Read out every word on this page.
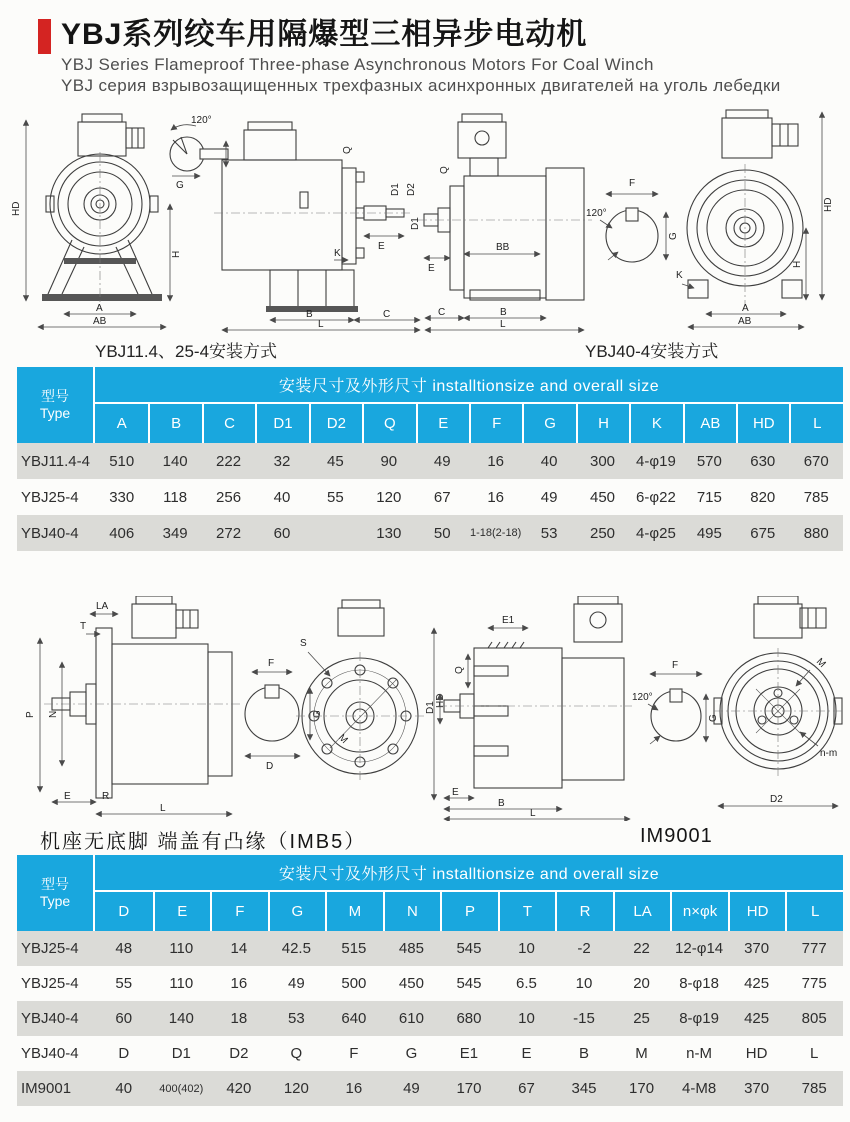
YBJ系列绞车用隔爆型三相异步电动机
YBJ Series Flameproof Three-phase Asynchronous Motors For Coal Winch
YBJ серия взрывозащищенных трехфазных асинхронных двигателей на уголь лебедки
HD
H
A
AB
120°
G
Q
D1 D2
E
K
B	C
L
Q
D1
E
BB
C	B
L
F
120°
G
HD
H
K
A
AB
YBJ11.4、25-4安装方式	YBJ40-4安装方式
型号
Type	安装尺寸及外形尺寸 installtionsize and overall size													
	A	B	C	D1	D2	Q	E	F	G	H	K	AB	HD	L
YBJ11.4-4	510	140	222	32	45	90	49	16	40	300	4-φ19	570	630	670
YBJ25-4	330	118	256	40	55	120	67	16	49	450	6-φ22	715	820	785
YBJ40-4	406	349	272	60		130	50	1-18(2-18)	53	250	4-φ25	495	675	880
LA
T
P N
E	R
L
F
G
D
S
M
HD
E1
Q
D1
E
B
L
F
120°
G
M
n-m
D2
机座无底脚 端盖有凸缘（IMB5）	IM9001
型号
Type	安装尺寸及外形尺寸 installtionsize and overall size												
	D	E	F	G	M	N	P	T	R	LA	n×φk	HD	L
YBJ25-4	48	110	14	42.5	515	485	545	10	-2	22	12-φ14	370	777
YBJ25-4	55	110	16	49	500	450	545	6.5	10	20	8-φ18	425	775
YBJ40-4	60	140	18	53	640	610	680	10	-15	25	8-φ19	425	805
YBJ40-4	D	D1	D2	Q	F	G	E1	E	B	M	n-M	HD	L
IM9001	40	400(402)	420	120	16	49	170	67	345	170	4-M8	370	785
